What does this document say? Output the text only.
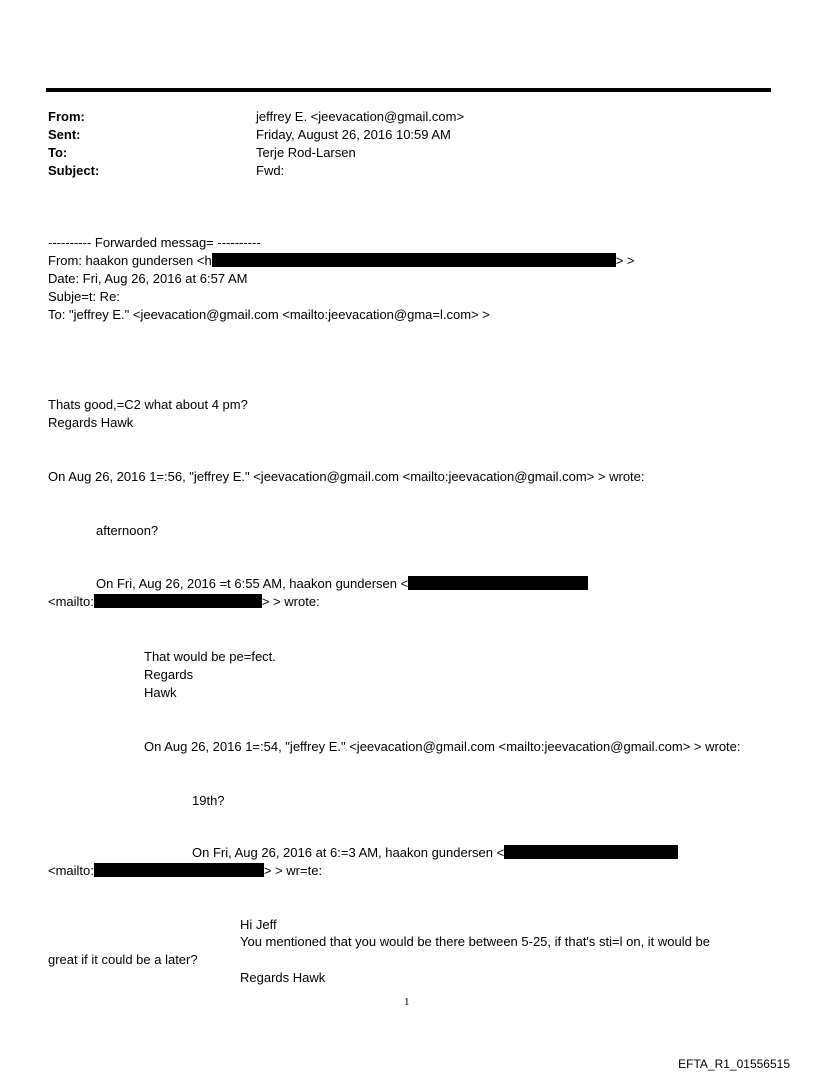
From:	jeffrey E. <jeevacation@gmail.com>
Sent:	Friday, August 26, 2016 10:59 AM
To:	Terje Rod-Larsen
Subject:	Fwd:
---------- Forwarded messag= ----------
From: haakon gundersen <h	> >
Date: Fri, Aug 26, 2016 at 6:57 AM
Subje=t: Re:
To: "jeffrey E." <jeevacation@gmail.com <mailto:jeevacation@gma=l.com> >
Thats good,=C2 what about 4 pm?
Regards Hawk
On Aug 26, 2016 1=:56, "jeffrey E." <jeevacation@gmail.com <mailto:jeevacation@gmail.com> > wrote:
afternoon?
On Fri, Aug 26, 2016 =t 6:55 AM, haakon gundersen <
<mailto:	> > wrote:
That would be pe=fect.
Regards
Hawk
On Aug 26, 2016 1=:54, "jeffrey E." <jeevacation@gmail.com <mailto:jeevacation@gmail.com> > wrote:
19th?
On Fri, Aug 26, 2016 at 6:=3 AM, haakon gundersen <
<mailto:	> > wr=te:
Hi Jeff
You mentioned that you would be there between 5-25, if that's sti=l on, it would be
great if it could be a later?
Regards Hawk
1
EFTA_R1_01556515
